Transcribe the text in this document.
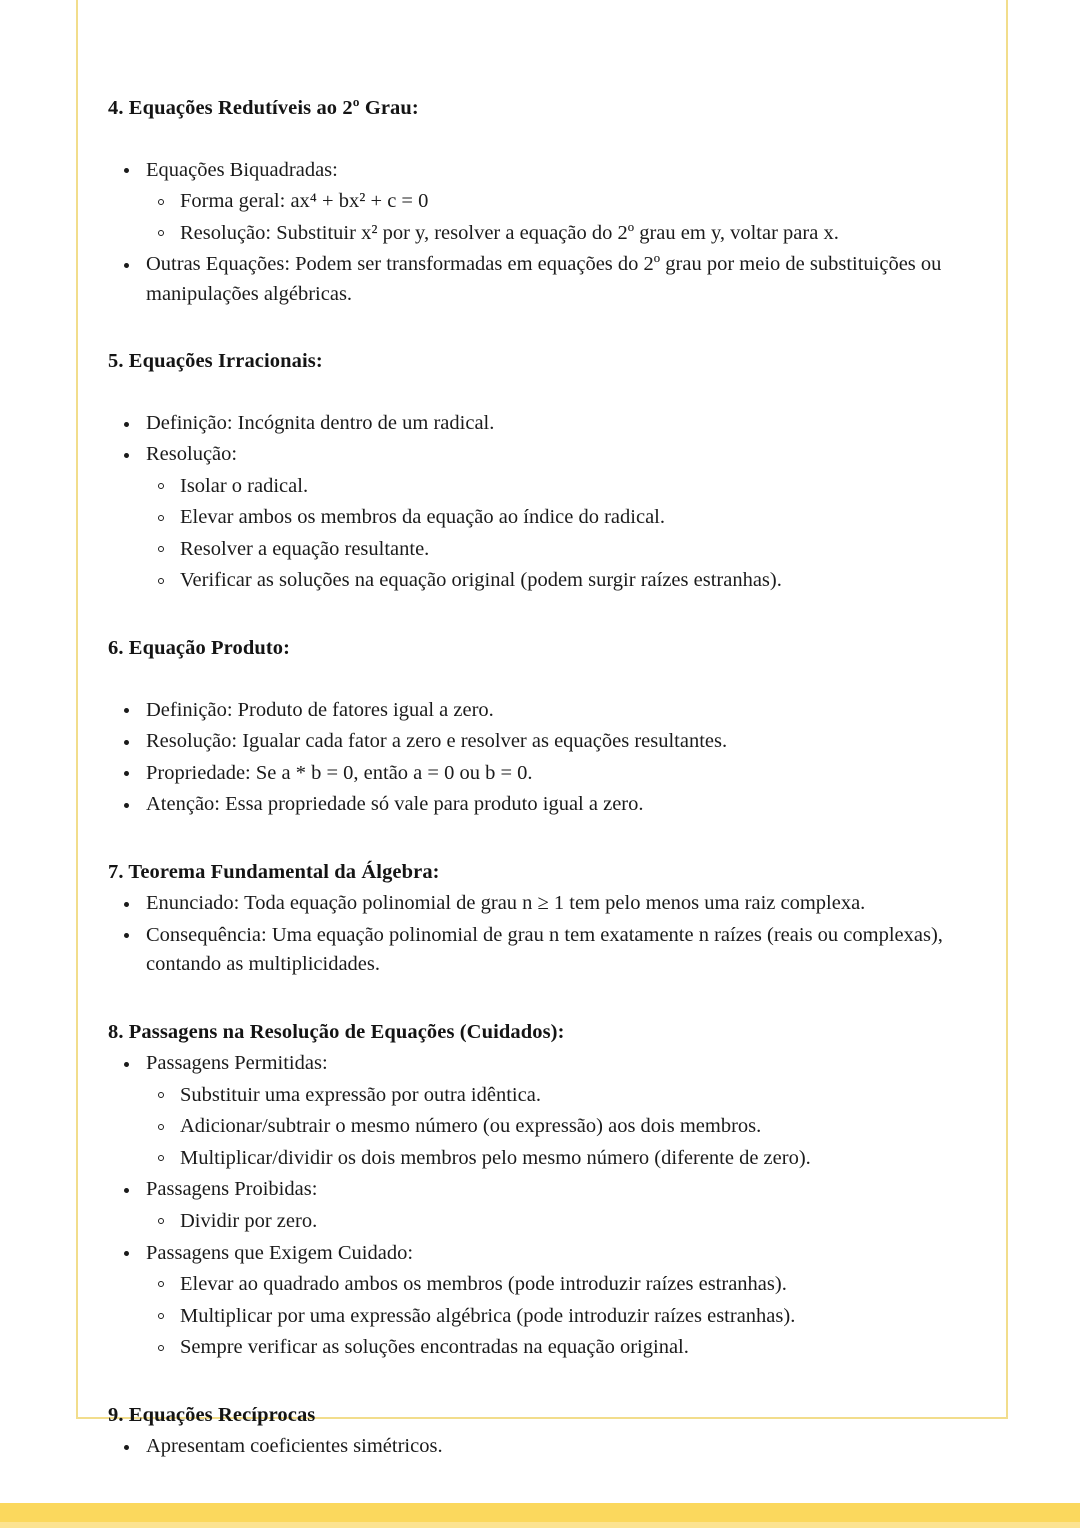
4. Equações Redutíveis ao 2º Grau:
Equações Biquadradas:
Forma geral: ax⁴ + bx² + c = 0
Resolução: Substituir x² por y, resolver a equação do 2º grau em y, voltar para x.
Outras Equações: Podem ser transformadas em equações do 2º grau por meio de substituições ou manipulações algébricas.
5. Equações Irracionais:
Definição: Incógnita dentro de um radical.
Resolução:
Isolar o radical.
Elevar ambos os membros da equação ao índice do radical.
Resolver a equação resultante.
Verificar as soluções na equação original (podem surgir raízes estranhas).
6. Equação Produto:
Definição: Produto de fatores igual a zero.
Resolução: Igualar cada fator a zero e resolver as equações resultantes.
Propriedade: Se a * b = 0, então a = 0 ou b = 0.
Atenção: Essa propriedade só vale para produto igual a zero.
7. Teorema Fundamental da Álgebra:
Enunciado: Toda equação polinomial de grau n ≥ 1 tem pelo menos uma raiz complexa.
Consequência: Uma equação polinomial de grau n tem exatamente n raízes (reais ou complexas), contando as multiplicidades.
8. Passagens na Resolução de Equações (Cuidados):
Passagens Permitidas:
Substituir uma expressão por outra idêntica.
Adicionar/subtrair o mesmo número (ou expressão) aos dois membros.
Multiplicar/dividir os dois membros pelo mesmo número (diferente de zero).
Passagens Proibidas:
Dividir por zero.
Passagens que Exigem Cuidado:
Elevar ao quadrado ambos os membros (pode introduzir raízes estranhas).
Multiplicar por uma expressão algébrica (pode introduzir raízes estranhas).
Sempre verificar as soluções encontradas na equação original.
9. Equações Recíprocas
Apresentam coeficientes simétricos.
